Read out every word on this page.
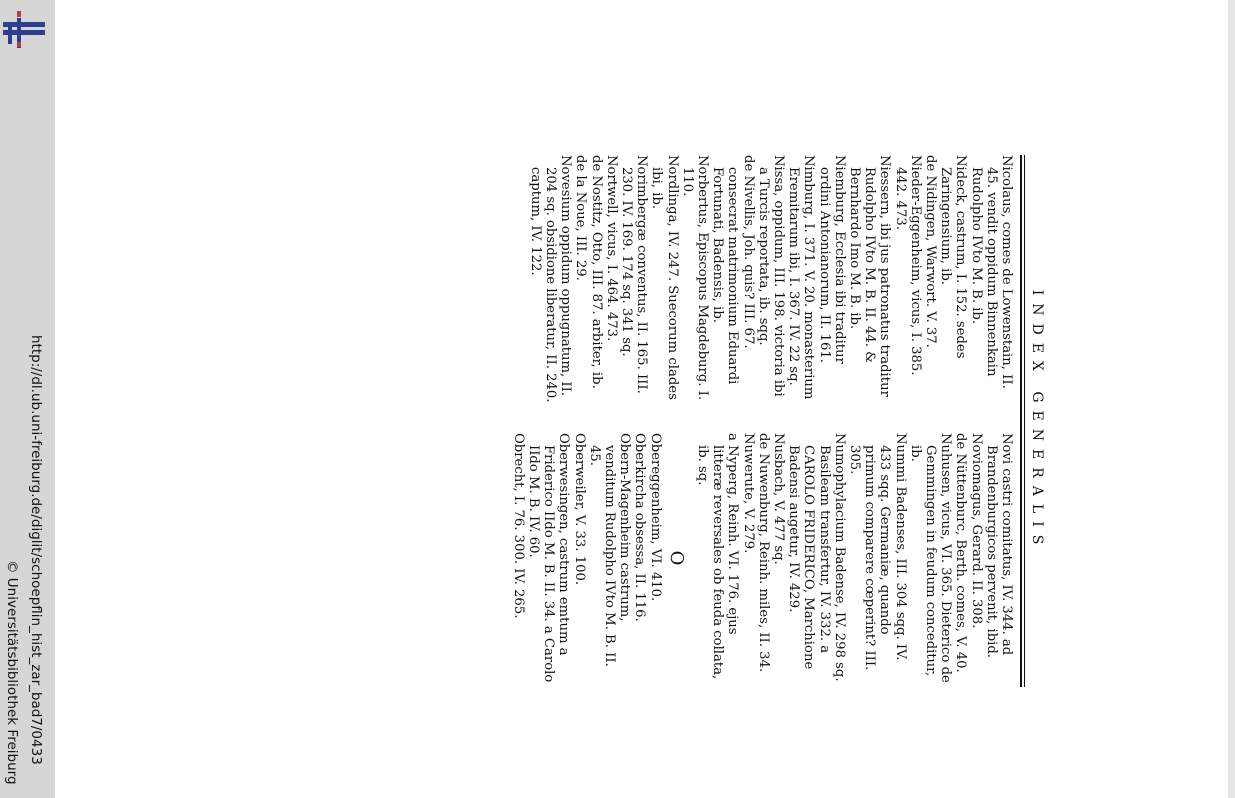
http://dl.ub.uni-freiburg.de/diglit/schoepflin_hist_zar_bad7/0433
© Universitätsbibliothek Freiburg
INDEX GENERALIS

Nicolaus, comes de Lowenstain, II. 45. vendit oppidum Binnenkain Rudolpho IVto M. B. ib.

Nideck, castrum, I. 152. sedes Zaringensium, ib.

de Nidingen, Warwort. V. 37.

Nieder-Eggenheim, vicus, I. 385. 442. 473.

Niessern, ibi jus patronatus traditur Rudolpho IVto M. B. II. 44. & Bernhardo Imo M. B. ib.

Niemburg, Ecclesia ibi traditur ordini Antonianorum, II. 161.

Nimburg, I. 371. V. 20. monasterium Eremitarum ibi, I. 367. IV. 22 sq.

Nissa, oppidum, III. 198. victoria ibi a Turcis reportata, ib. sqq.

de Nivellis, Joh. quis? III. 67. consecrat matrimonium Eduardi Fortunati, Badensis, ib.

Norbertus, Episcopus Magdeburg. I. 110.

Nordlinga, IV. 247. Suecorum clades ibi, ib.

Norimbergæ conventus, II. 165. III. 230. IV. 169. 174 sq. 341 sq.

Nortwell, vicus, I. 464. 473.

de Nostitz, Otto, III. 87. arbiter, ib.

de la Noue, III. 29.

Novesium oppidum oppugnatum, II. 204 sq. obsidione liberatur, II. 240. captum, IV. 122.

Novi castri comitatus, IV. 344. ad Brandenburgicos pervenit, ibid.

Noviomagus, Gerard. II. 308.

de Nüttenburc, Berth. comes, V. 40.

Nuhusen, vicus, VI. 365. Dieterico de Gemmingen in feudum conceditur, ib.

Nummi Badenses, III. 304 sqq. IV. 433 sqq. Germaniæ, quando primum comparere cœperint? III. 305.

Numophylacium Badense, IV. 298 sq. Basileam transfertur, IV. 332. a CAROLO FRIDERICO, Marchione Badensi augetur, IV. 429.

Nusbach, V. 477 sq.

de Nuwenburg, Reinh. miles, II. 34.

Nuwerute, V. 279.

a Nyperg, Reinh. VI. 176. ejus litteræ reversales ob feuda collata, ib. sq.

O

Obereggenheim, VI. 410.

Oberkircha obsessa, II. 116.

Obern-Magenheim castrum, venditum Rudolpho IVto M. B. II. 45.

Oberweiler, V. 33. 100.

Oberwesingen, castrum emtum a Friderico IIdo M. B. II. 34. a Carolo IIdo M. B. IV. 60.

Obrecht, I. 76. 300. IV. 265.
